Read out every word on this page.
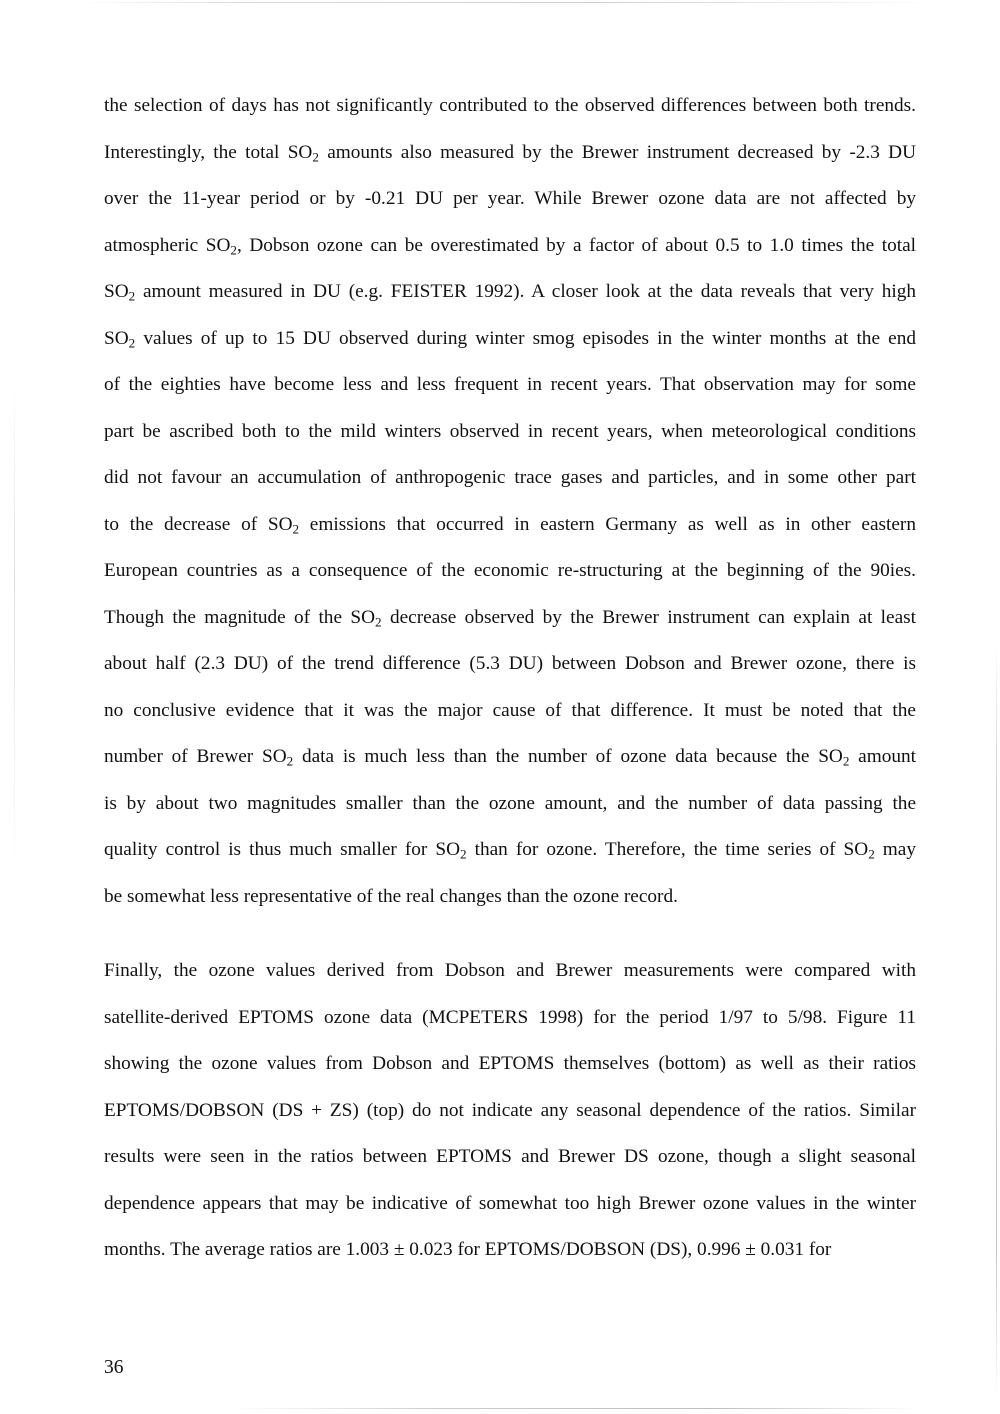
the selection of days has not significantly contributed to the observed differences between both trends.
Interestingly, the total $SO_2$ amounts also measured by the Brewer instrument decreased by -2.3 DU
over the 11-year period or by -0.21 DU per year. While Brewer ozone data are not affected by
atmospheric $SO_2$, Dobson ozone can be overestimated by a factor of about 0.5 to 1.0 times the total
$SO_2$ amount measured in DU (e.g. FEISTER 1992). A closer look at the data reveals that very high
$SO_2$ values of up to 15 DU observed during winter smog episodes in the winter months at the end
of the eighties have become less and less frequent in recent years. That observation may for some
part be ascribed both to the mild winters observed in recent years, when meteorological conditions
did not favour an accumulation of anthropogenic trace gases and particles, and in some other part
to the decrease of $SO_2$ emissions that occurred in eastern Germany as well as in other eastern
European countries as a consequence of the economic re-structuring at the beginning of the 90ies.
Though the magnitude of the $SO_2$ decrease observed by the Brewer instrument can explain at least
about half (2.3 DU) of the trend difference (5.3 DU) between Dobson and Brewer ozone, there is
no conclusive evidence that it was the major cause of that difference. It must be noted that the
number of Brewer $SO_2$ data is much less than the number of ozone data because the $SO_2$ amount
is by about two magnitudes smaller than the ozone amount, and the number of data passing the
quality control is thus much smaller for $SO_2$ than for ozone. Therefore, the time series of $SO_2$ may
be somewhat less representative of the real changes than the ozone record.
Finally, the ozone values derived from Dobson and Brewer measurements were compared with
satellite-derived EPTOMS ozone data (MCPETERS 1998) for the period 1/97 to 5/98. Figure 11
showing the ozone values from Dobson and EPTOMS themselves (bottom) as well as their ratios
EPTOMS/DOBSON (DS + ZS) (top) do not indicate any seasonal dependence of the ratios. Similar
results were seen in the ratios between EPTOMS and Brewer DS ozone, though a slight seasonal
dependence appears that may be indicative of somewhat too high Brewer ozone values in the winter
months. The average ratios are 1.003 ± 0.023 for EPTOMS/DOBSON (DS), 0.996 ± 0.031 for
36
